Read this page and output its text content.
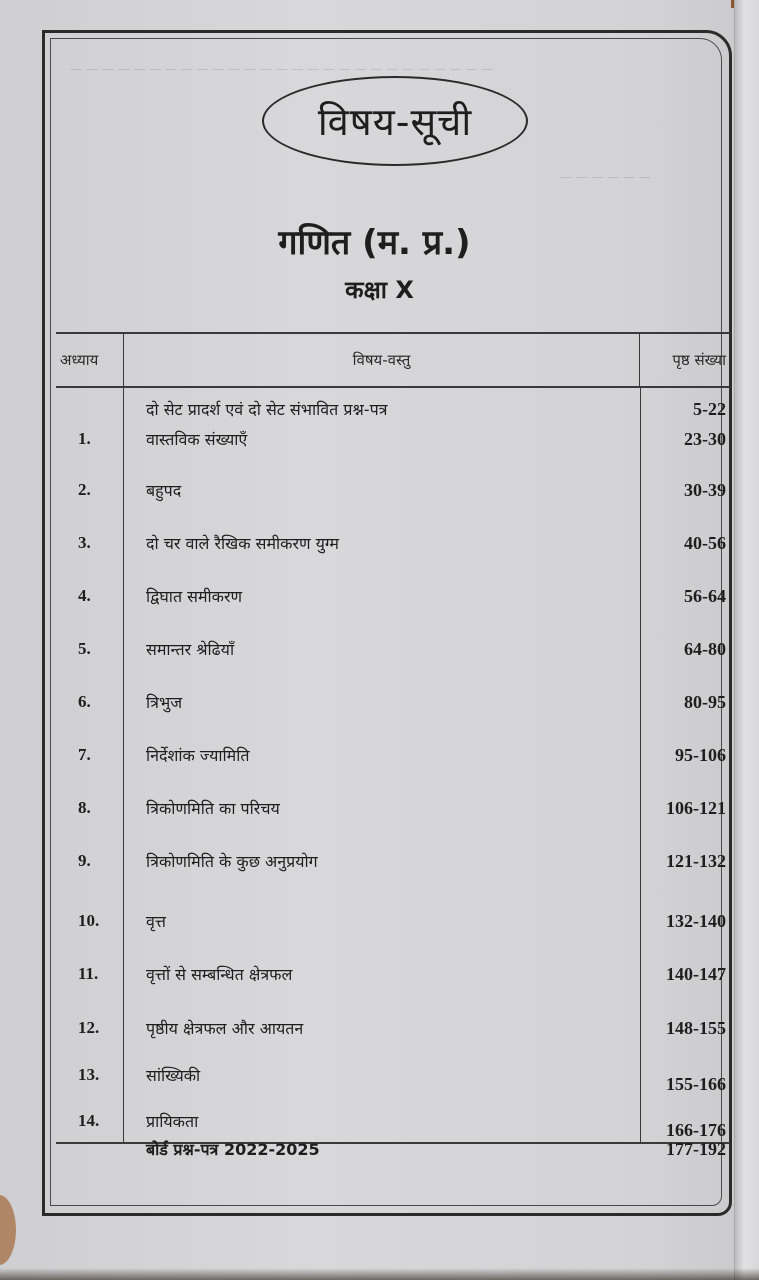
— — — — — — — — — — — — — — — — — — — — — — — — — — —
— — — — — —
विषय-सूची
गणित (म. प्र.)
कक्षा X
अध्याय	विषय-वस्तु	पृष्ठ संख्या
दो सेट प्रादर्श एवं दो सेट संभावित प्रश्न-पत्र	5-22
1.	वास्तविक संख्याएँ	23-30
2.	बहुपद	30-39
3.	दो चर वाले रैखिक समीकरण युग्म	40-56
4.	द्विघात समीकरण	56-64
5.	समान्तर श्रेढियाँ	64-80
6.	त्रिभुज	80-95
7.	निर्देशांक ज्यामिति	95-106
8.	त्रिकोणमिति का परिचय	106-121
9.	त्रिकोणमिति के कुछ अनुप्रयोग	121-132
10.	वृत्त	132-140
11.	वृत्तों से सम्बन्धित क्षेत्रफल	140-147
12.	पृष्ठीय क्षेत्रफल और आयतन	148-155
13.	सांख्यिकी	155-166
14.	प्रायिकता	166-176
बोर्ड प्रश्न-पत्र 2022-2025	177-192
